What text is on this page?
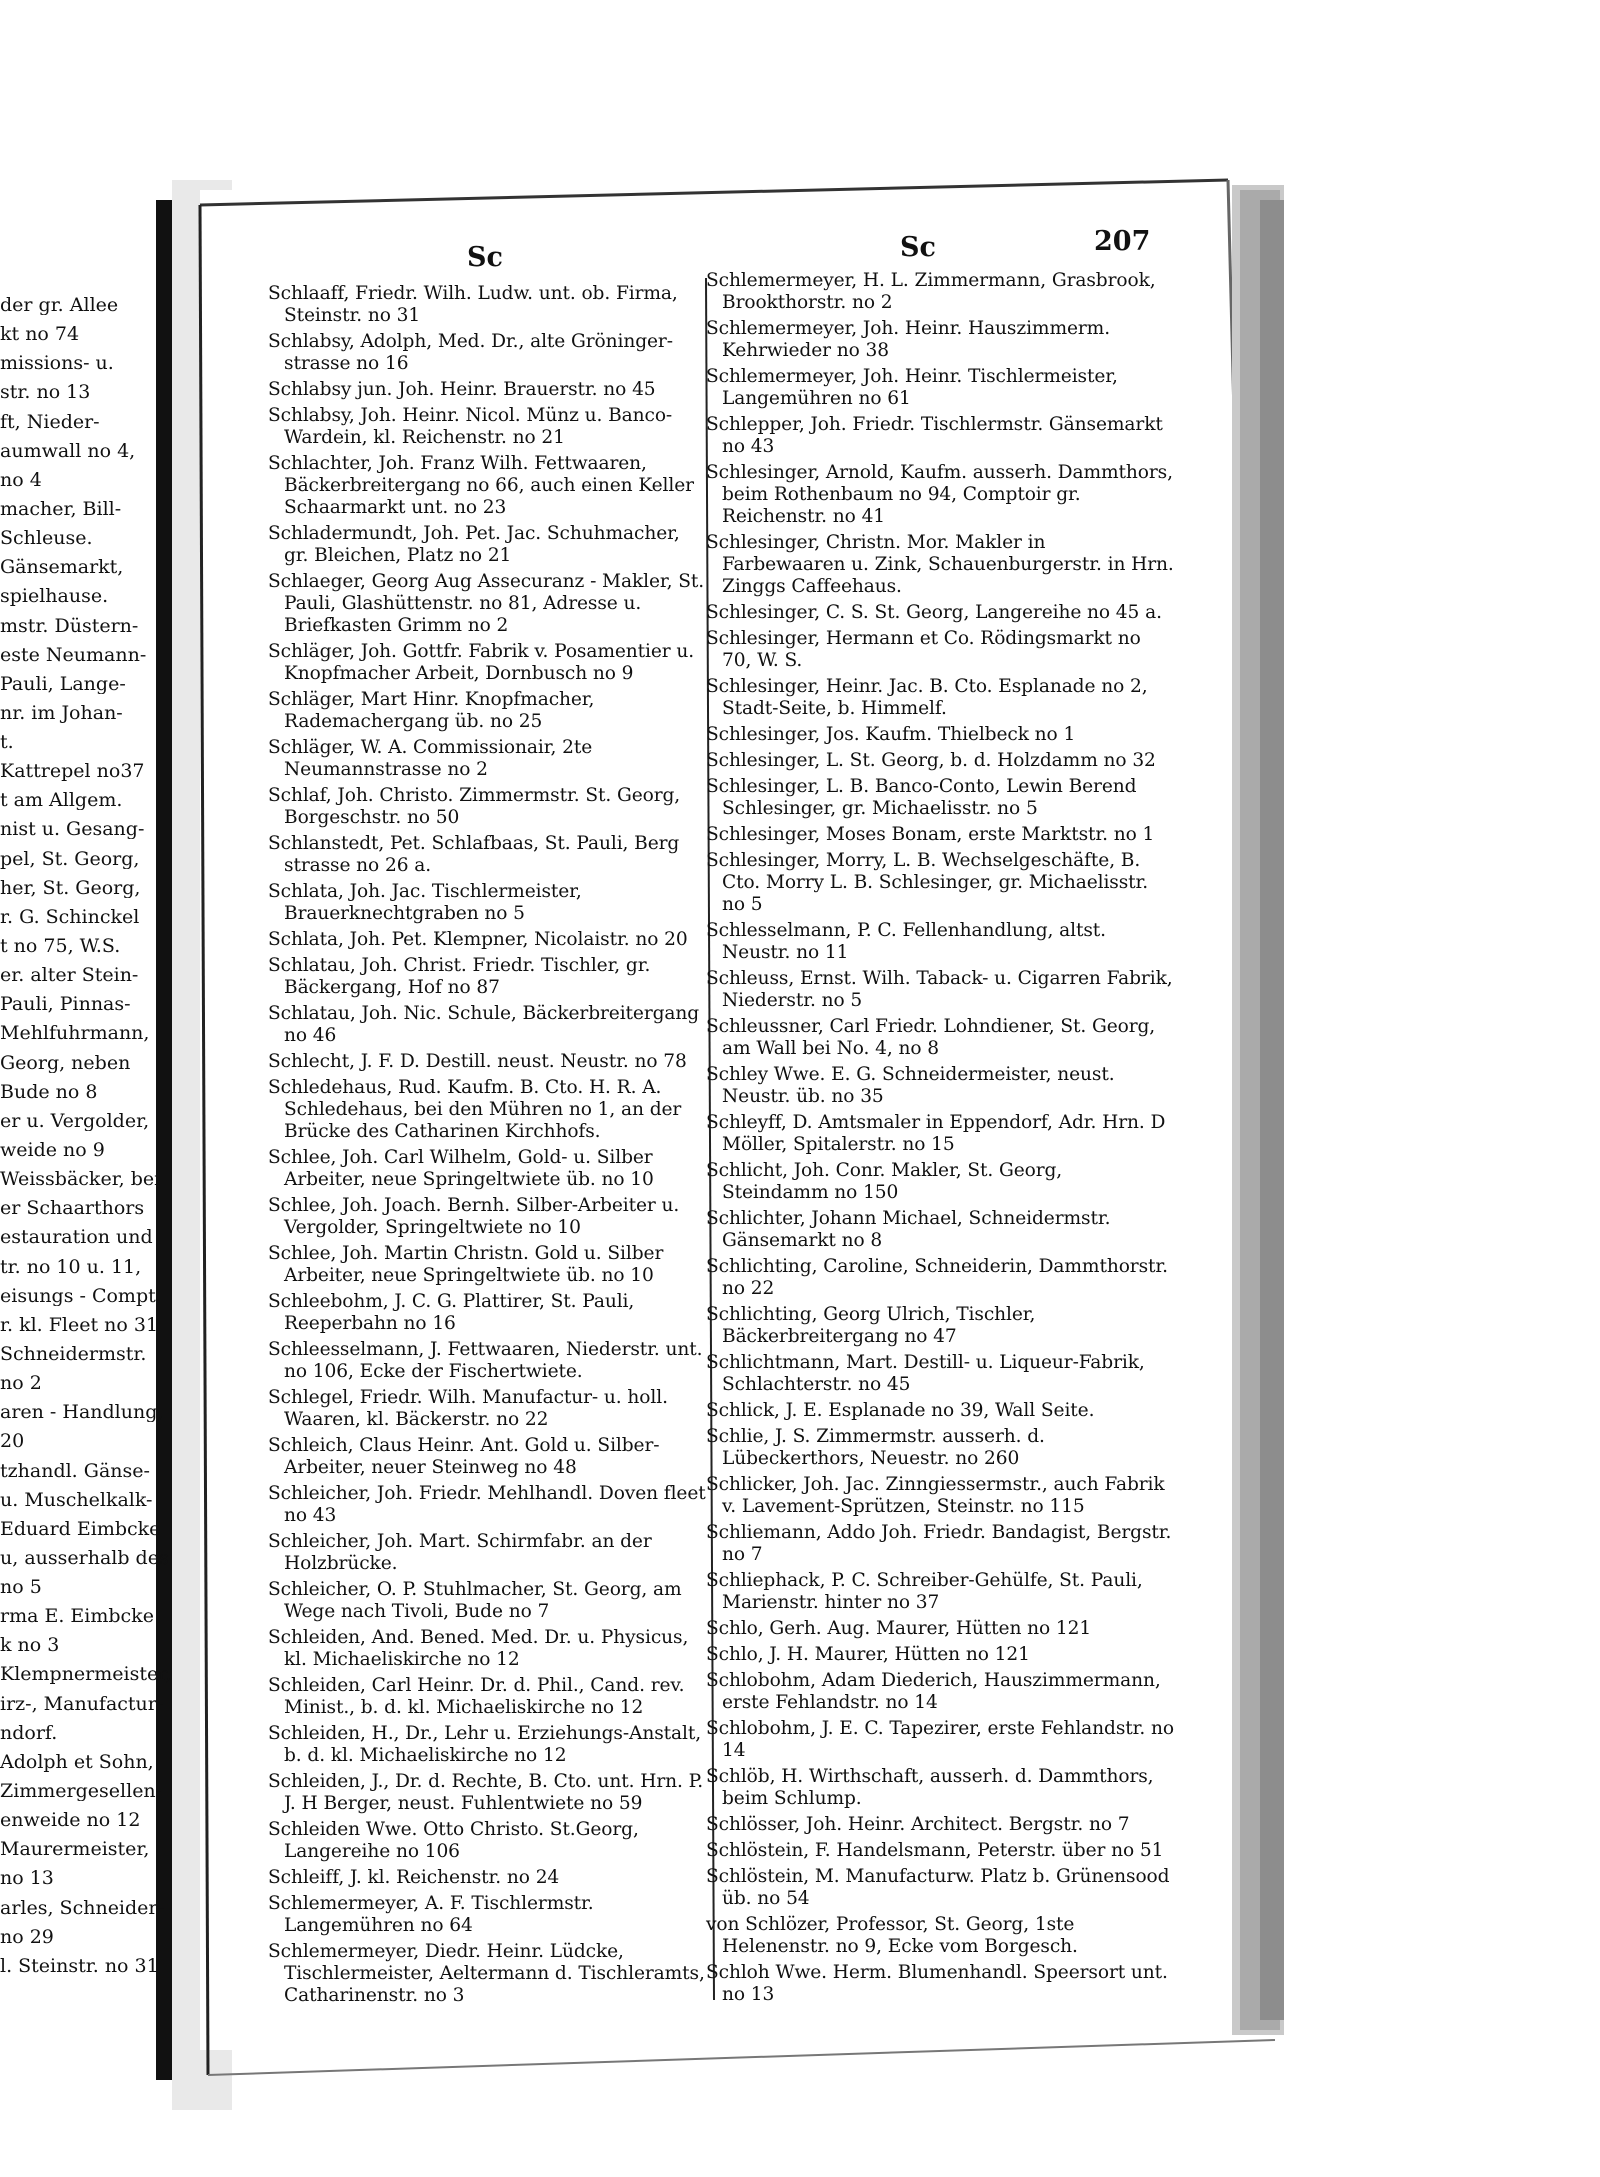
der gr. Allee
kt no 74
missions- u.
str. no 13
ft, Nieder-
aumwall no 4,
no 4
macher, Bill-
Schleuse.
Gänsemarkt,
spielhause.
mstr. Düstern-
este Neumann-
Pauli, Lange-
nr. im Johan-
t.
Kattrepel no37
t am Allgem.
nist u. Gesang-
pel, St. Georg,
her, St. Georg,
r. G. Schinckel
t no 75, W.S.
er. alter Stein-
Pauli, Pinnas-
Mehlfuhrmann,
Georg, neben
Bude no 8
er u. Vergolder,
weide no 9
Weissbäcker, bei
er Schaarthors
estauration und
tr. no 10 u. 11,
eisungs - Compt.
r. kl. Fleet no 31
Schneidermstr.
no 2
aren - Handlung,
20
tzhandl. Gänse-
u. Muschelkalk-
Eduard Eimbcke
u, ausserhalb des
no 5
rma E. Eimbcke
k no 3
Klempnermeister,
irz-, Manufactur-
ndorf.
Adolph et Sohn,
Zimmergesellen-
enweide no 12
Maurermeister,
no 13
arles, Schneider-
no 29
l. Steinstr. no 31
Sc	Sc	207

Schlaaff, Friedr. Wilh. Ludw. unt. ob. Firma, Steinstr. no 31

Schlabsy, Adolph, Med. Dr., alte Gröninger-strasse no 16

Schlabsy jun. Joh. Heinr. Brauerstr. no 45

Schlabsy, Joh. Heinr. Nicol. Münz u. Banco-Wardein, kl. Reichenstr. no 21

Schlachter, Joh. Franz Wilh. Fettwaaren, Bäckerbreitergang no 66, auch einen Keller Schaarmarkt unt. no 23

Schladermundt, Joh. Pet. Jac. Schuhmacher, gr. Bleichen, Platz no 21

Schlaeger, Georg Aug Assecuranz - Makler, St. Pauli, Glashüttenstr. no 81, Adresse u. Briefkasten Grimm no 2

Schläger, Joh. Gottfr. Fabrik v. Posamentier u. Knopfmacher Arbeit, Dornbusch no 9

Schläger, Mart Hinr. Knopfmacher, Rademachergang üb. no 25

Schläger, W. A. Commissionair, 2te Neumannstrasse no 2

Schlaf, Joh. Christo. Zimmermstr. St. Georg, Borgeschstr. no 50

Schlanstedt, Pet. Schlafbaas, St. Pauli, Berg strasse no 26 a.

Schlata, Joh. Jac. Tischlermeister, Brauerknechtgraben no 5

Schlata, Joh. Pet. Klempner, Nicolaistr. no 20

Schlatau, Joh. Christ. Friedr. Tischler, gr. Bäckergang, Hof no 87

Schlatau, Joh. Nic. Schule, Bäckerbreitergang no 46

Schlecht, J. F. D. Destill. neust. Neustr. no 78

Schledehaus, Rud. Kaufm. B. Cto. H. R. A. Schledehaus, bei den Mühren no 1, an der Brücke des Catharinen Kirchhofs.

Schlee, Joh. Carl Wilhelm, Gold- u. Silber Arbeiter, neue Springeltwiete üb. no 10

Schlee, Joh. Joach. Bernh. Silber-Arbeiter u. Vergolder, Springeltwiete no 10

Schlee, Joh. Martin Christn. Gold u. Silber Arbeiter, neue Springeltwiete üb. no 10

Schleebohm, J. C. G. Plattirer, St. Pauli, Reeperbahn no 16

Schleesselmann, J. Fettwaaren, Niederstr. unt. no 106, Ecke der Fischertwiete.

Schlegel, Friedr. Wilh. Manufactur- u. holl. Waaren, kl. Bäckerstr. no 22

Schleich, Claus Heinr. Ant. Gold u. Silber-Arbeiter, neuer Steinweg no 48

Schleicher, Joh. Friedr. Mehlhandl. Doven fleet no 43

Schleicher, Joh. Mart. Schirmfabr. an der Holzbrücke.

Schleicher, O. P. Stuhlmacher, St. Georg, am Wege nach Tivoli, Bude no 7

Schleiden, And. Bened. Med. Dr. u. Physicus, kl. Michaeliskirche no 12

Schleiden, Carl Heinr. Dr. d. Phil., Cand. rev. Minist., b. d. kl. Michaeliskirche no 12

Schleiden, H., Dr., Lehr u. Erziehungs-Anstalt, b. d. kl. Michaeliskirche no 12

Schleiden, J., Dr. d. Rechte, B. Cto. unt. Hrn. P. J. H Berger, neust. Fuhlentwiete no 59

Schleiden Wwe. Otto Christo. St.Georg, Langereihe no 106

Schleiff, J. kl. Reichenstr. no 24

Schlemermeyer, A. F. Tischlermstr. Langemühren no 64

Schlemermeyer, Diedr. Heinr. Lüdcke, Tischlermeister, Aeltermann d. Tischleramts, Catharinenstr. no 3

Schlemermeyer, H. L. Zimmermann, Grasbrook, Brookthorstr. no 2

Schlemermeyer, Joh. Heinr. Hauszimmerm. Kehrwieder no 38

Schlemermeyer, Joh. Heinr. Tischlermeister, Langemühren no 61

Schlepper, Joh. Friedr. Tischlermstr. Gänsemarkt no 43

Schlesinger, Arnold, Kaufm. ausserh. Dammthors, beim Rothenbaum no 94, Comptoir gr. Reichenstr. no 41

Schlesinger, Christn. Mor. Makler in Farbewaaren u. Zink, Schauenburgerstr. in Hrn. Zinggs Caffeehaus.

Schlesinger, C. S. St. Georg, Langereihe no 45 a.

Schlesinger, Hermann et Co. Rödingsmarkt no 70, W. S.

Schlesinger, Heinr. Jac. B. Cto. Esplanade no 2, Stadt-Seite, b. Himmelf.

Schlesinger, Jos. Kaufm. Thielbeck no 1

Schlesinger, L. St. Georg, b. d. Holzdamm no 32

Schlesinger, L. B. Banco-Conto, Lewin Berend Schlesinger, gr. Michaelisstr. no 5

Schlesinger, Moses Bonam, erste Marktstr. no 1

Schlesinger, Morry, L. B. Wechselgeschäfte, B. Cto. Morry L. B. Schlesinger, gr. Michaelisstr. no 5

Schlesselmann, P. C. Fellenhandlung, altst. Neustr. no 11

Schleuss, Ernst. Wilh. Taback- u. Cigarren Fabrik, Niederstr. no 5

Schleussner, Carl Friedr. Lohndiener, St. Georg, am Wall bei No. 4, no 8

Schley Wwe. E. G. Schneidermeister, neust. Neustr. üb. no 35

Schleyff, D. Amtsmaler in Eppendorf, Adr. Hrn. D Möller, Spitalerstr. no 15

Schlicht, Joh. Conr. Makler, St. Georg, Steindamm no 150

Schlichter, Johann Michael, Schneidermstr. Gänsemarkt no 8

Schlichting, Caroline, Schneiderin, Dammthorstr. no 22

Schlichting, Georg Ulrich, Tischler, Bäckerbreitergang no 47

Schlichtmann, Mart. Destill- u. Liqueur-Fabrik, Schlachterstr. no 45

Schlick, J. E. Esplanade no 39, Wall Seite.

Schlie, J. S. Zimmermstr. ausserh. d. Lübeckerthors, Neuestr. no 260

Schlicker, Joh. Jac. Zinngiessermstr., auch Fabrik v. Lavement-Sprützen, Steinstr. no 115

Schliemann, Addo Joh. Friedr. Bandagist, Bergstr. no 7

Schliephack, P. C. Schreiber-Gehülfe, St. Pauli, Marienstr. hinter no 37

Schlo, Gerh. Aug. Maurer, Hütten no 121

Schlo, J. H. Maurer, Hütten no 121

Schlobohm, Adam Diederich, Hauszimmermann, erste Fehlandstr. no 14

Schlobohm, J. E. C. Tapezirer, erste Fehlandstr. no 14

Schlöb, H. Wirthschaft, ausserh. d. Dammthors, beim Schlump.

Schlösser, Joh. Heinr. Architect. Bergstr. no 7

Schlöstein, F. Handelsmann, Peterstr. über no 51

Schlöstein, M. Manufacturw. Platz b. Grünensood üb. no 54

von Schlözer, Professor, St. Georg, 1ste Helenenstr. no 9, Ecke vom Borgesch.

Schloh Wwe. Herm. Blumenhandl. Speersort unt. no 13
